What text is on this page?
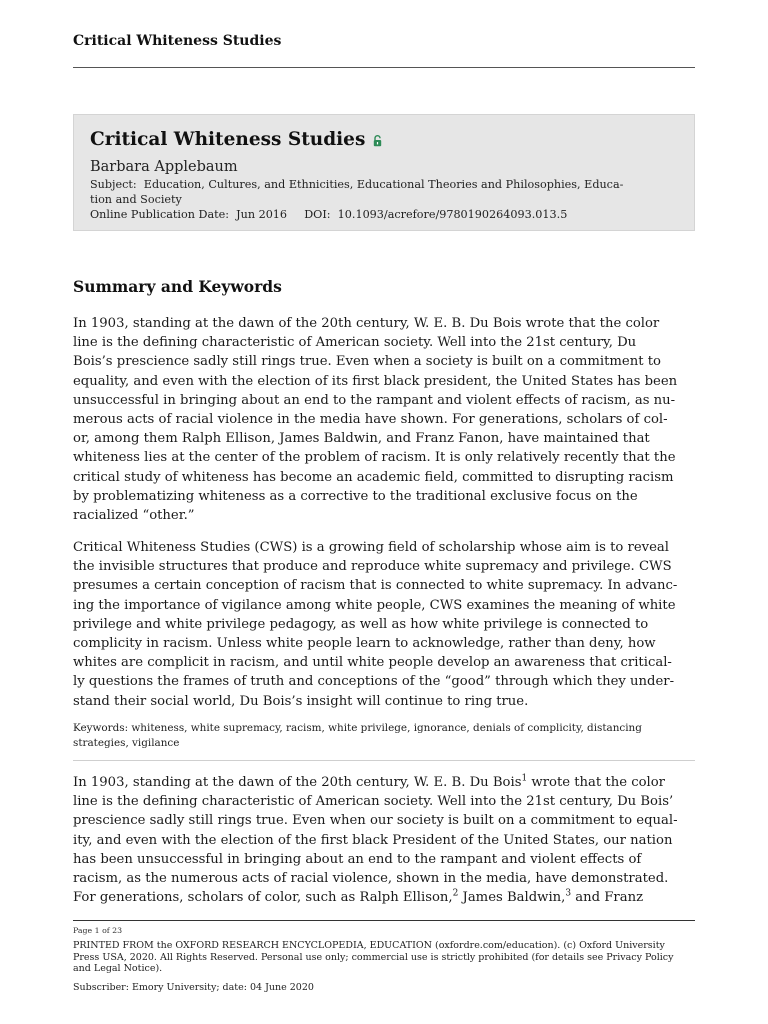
Critical Whiteness Studies
Critical Whiteness Studies
Barbara Applebaum
Subject: Education, Cultures, and Ethnicities, Educational Theories and Philosophies, Educa-
tion and Society
Online Publication Date: Jun 2016 DOI: 10.1093/acrefore/9780190264093.013.5
Summary and Keywords

In 1903, standing at the dawn of the 20th century, W. E. B. Du Bois wrote that the color
line is the defining characteristic of American society. Well into the 21st century, Du
Bois’s prescience sadly still rings true. Even when a society is built on a commitment to
equality, and even with the election of its first black president, the United States has been
unsuccessful in bringing about an end to the rampant and violent effects of racism, as nu-
merous acts of racial violence in the media have shown. For generations, scholars of col-
or, among them Ralph Ellison, James Baldwin, and Franz Fanon, have maintained that
whiteness lies at the center of the problem of racism. It is only relatively recently that the
critical study of whiteness has become an academic field, committed to disrupting racism
by problematizing whiteness as a corrective to the traditional exclusive focus on the
racialized “other.”

Critical Whiteness Studies (CWS) is a growing field of scholarship whose aim is to reveal
the invisible structures that produce and reproduce white supremacy and privilege. CWS
presumes a certain conception of racism that is connected to white supremacy. In advanc-
ing the importance of vigilance among white people, CWS examines the meaning of white
privilege and white privilege pedagogy, as well as how white privilege is connected to
complicity in racism. Unless white people learn to acknowledge, rather than deny, how
whites are complicit in racism, and until white people develop an awareness that critical-
ly questions the frames of truth and conceptions of the “good” through which they under-
stand their social world, Du Bois’s insight will continue to ring true.

Keywords: whiteness, white supremacy, racism, white privilege, ignorance, denials of complicity, distancing
strategies, vigilance

In 1903, standing at the dawn of the 20th century, W. E. B. Du Bois$^1$ wrote that the color
line is the defining characteristic of American society. Well into the 21st century, Du Bois’
prescience sadly still rings true. Even when our society is built on a commitment to equal-
ity, and even with the election of the first black President of the United States, our nation
has been unsuccessful in bringing about an end to the rampant and violent effects of
racism, as the numerous acts of racial violence, shown in the media, have demonstrated.
For generations, scholars of color, such as Ralph Ellison,$^2$ James Baldwin,$^3$ and Franz

Page 1 of 23
PRINTED FROM the OXFORD RESEARCH ENCYCLOPEDIA, EDUCATION (oxfordre.com/education). (c) Oxford University
Press USA, 2020. All Rights Reserved. Personal use only; commercial use is strictly prohibited (for details see Privacy Policy
and Legal Notice).
Subscriber: Emory University; date: 04 June 2020
